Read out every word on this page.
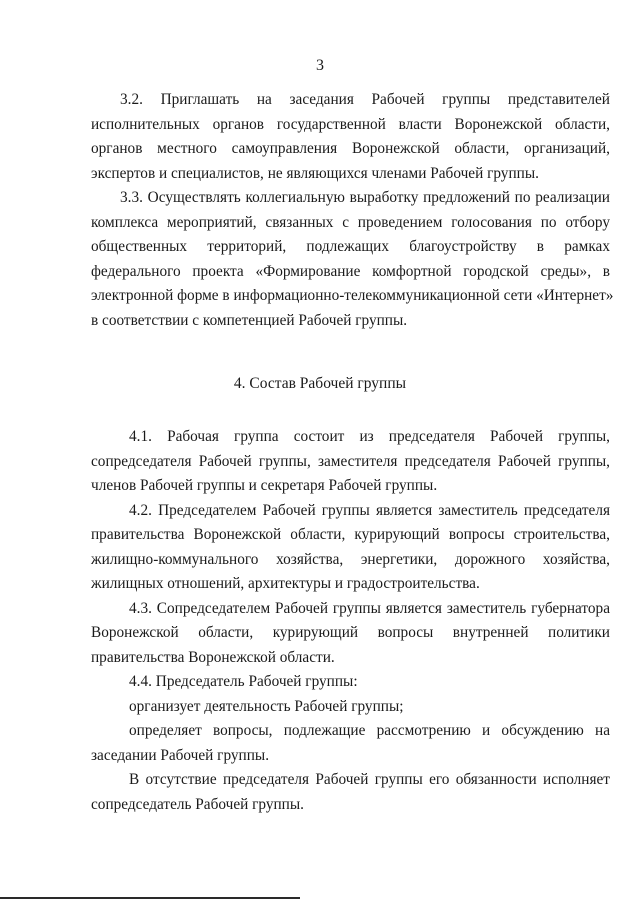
3
3.2. Приглашать на заседания Рабочей группы представителей
исполнительных органов государственной власти Воронежской области,
органов местного самоуправления Воронежской области, организаций,
экспертов и специалистов, не являющихся членами Рабочей группы.
3.3. Осуществлять коллегиальную выработку предложений по реализации
комплекса мероприятий, связанных с проведением голосования по отбору
общественных территорий, подлежащих благоустройству в рамках
федерального проекта «Формирование комфортной городской среды», в
электронной форме в информационно-телекоммуникационной сети «Интернет»
в соответствии с компетенцией Рабочей группы.
4. Состав Рабочей группы
4.1. Рабочая группа состоит из председателя Рабочей группы,
сопредседателя Рабочей группы, заместителя председателя Рабочей группы,
членов Рабочей группы и секретаря Рабочей группы.
4.2. Председателем Рабочей группы является заместитель председателя
правительства Воронежской области, курирующий вопросы строительства,
жилищно-коммунального хозяйства, энергетики, дорожного хозяйства,
жилищных отношений, архитектуры и градостроительства.
4.3. Сопредседателем Рабочей группы является заместитель губернатора
Воронежской области, курирующий вопросы внутренней политики
правительства Воронежской области.
4.4. Председатель Рабочей группы:
организует деятельность Рабочей группы;
определяет вопросы, подлежащие рассмотрению и обсуждению на
заседании Рабочей группы.
В отсутствие председателя Рабочей группы его обязанности исполняет
сопредседатель Рабочей группы.
